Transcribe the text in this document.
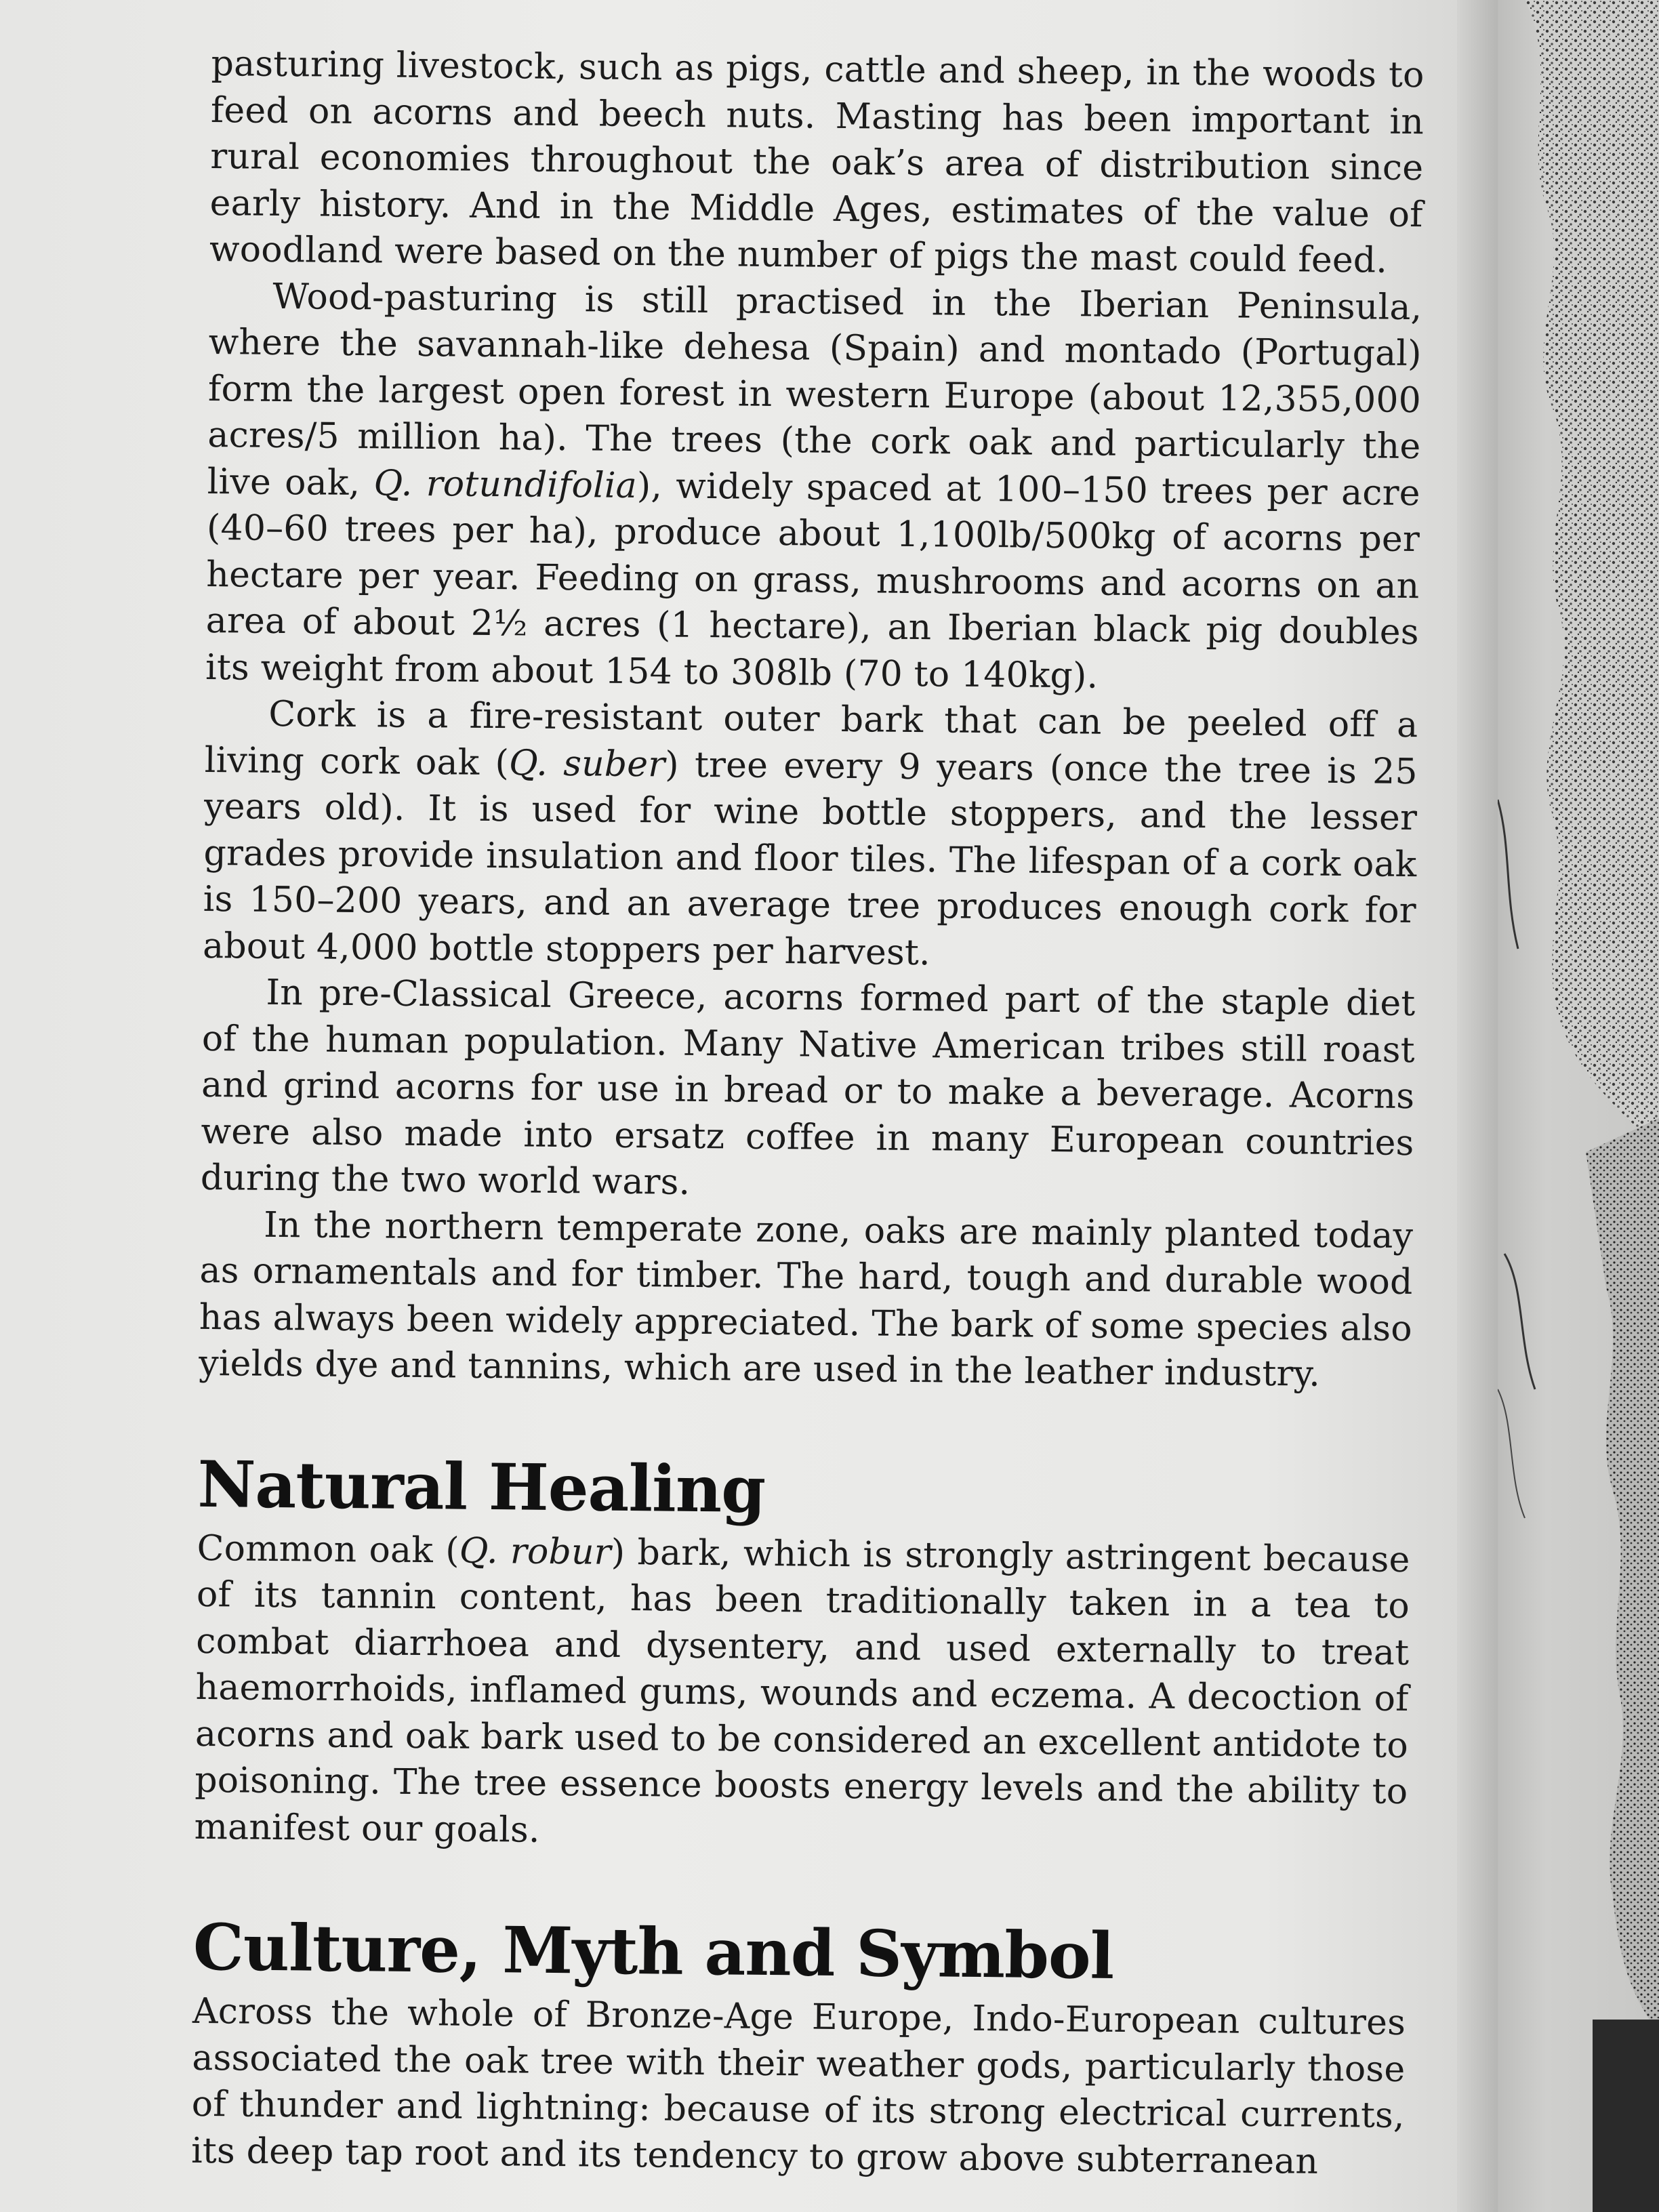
pasturing livestock, such as pigs, cattle and sheep, in the woods to feed on acorns and beech nuts. Masting has been important in rural economies throughout the oak’s area of distribution since early history. And in the Middle Ages, estimates of the value of woodland were based on the number of pigs the mast could feed.

Wood-pasturing is still practised in the Iberian Peninsula, where the savannah-like dehesa (Spain) and montado (Portugal) form the largest open forest in western Europe (about 12,355,000 acres/5 million ha). The trees (the cork oak and particularly the live oak, Q. rotundifolia), widely spaced at 100–150 trees per acre (40–60 trees per ha), produce about 1,100lb/500kg of acorns per hectare per year. Feeding on grass, mushrooms and acorns on an area of about 2½ acres (1 hectare), an Iberian black pig doubles its weight from about 154 to 308lb (70 to 140kg).

Cork is a fire-resistant outer bark that can be peeled off a living cork oak (Q. suber) tree every 9 years (once the tree is 25 years old). It is used for wine bottle stoppers, and the lesser grades provide insulation and floor tiles. The lifespan of a cork oak is 150–200 years, and an average tree produces enough cork for about 4,000 bottle stoppers per harvest.

In pre-Classical Greece, acorns formed part of the staple diet of the human population. Many Native American tribes still roast and grind acorns for use in bread or to make a beverage. Acorns were also made into ersatz coffee in many European countries during the two world wars.

In the northern temperate zone, oaks are mainly planted today as ornamentals and for timber. The hard, tough and durable wood has always been widely appreciated. The bark of some species also yields dye and tannins, which are used in the leather industry.

Natural Healing

Common oak (Q. robur) bark, which is strongly astringent because of its tannin content, has been traditionally taken in a tea to combat diarrhoea and dysentery, and used externally to treat haemorrhoids, inflamed gums, wounds and eczema. A decoction of acorns and oak bark used to be considered an excellent antidote to poisoning. The tree essence boosts energy levels and the ability to manifest our goals.

Culture, Myth and Symbol

Across the whole of Bronze-Age Europe, Indo-European cultures associated the oak tree with their weather gods, particularly those of thunder and lightning: because of its strong electrical currents, its deep tap root and its tendency to grow above subterranean
